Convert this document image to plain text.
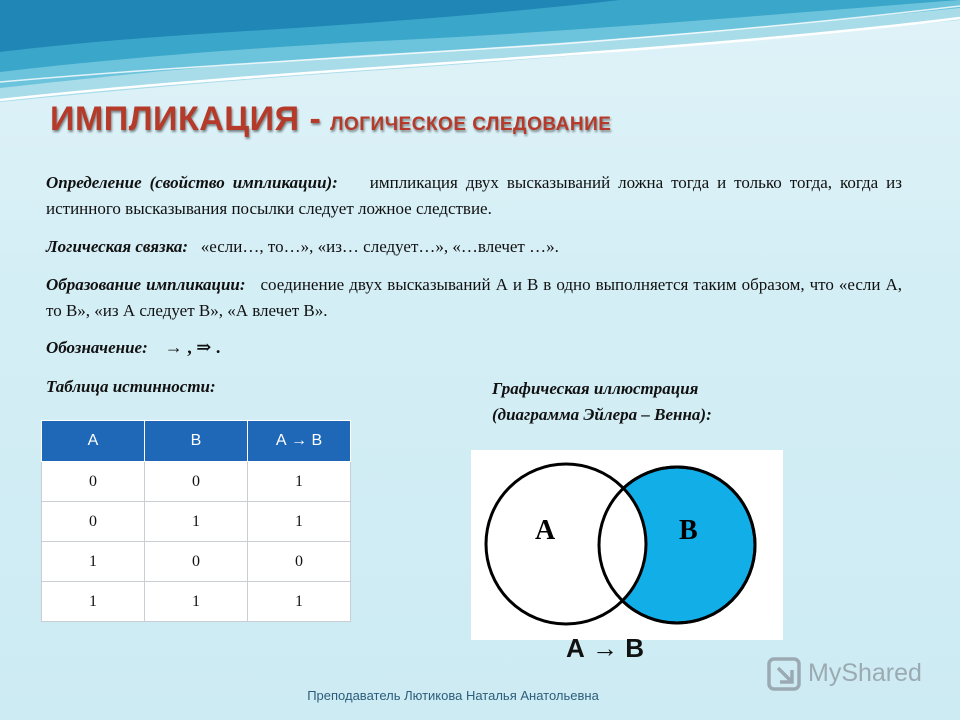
ИМПЛИКАЦИЯ - ЛОГИЧЕСКОЕ СЛЕДОВАНИЕ
Определение (свойство импликации): импликация двух высказываний ложна тогда и только тогда, когда из истинного высказывания посылки следует ложное следствие.
Логическая связка: «если…, то…», «из… следует…», «…влечет …».
Образование импликации: соединение двух высказываний А и В в одно выполняется таким образом, что «если А, то В», «из А следует В», «А влечет В».
Обозначение: → , ⇒ .
Таблица истинности:	Графическая иллюстрация
(диаграмма Эйлера – Венна):
А	В	А → В
0	0	1
0	1	1
1	0	0
1	1	1
А	В
А → В
Преподаватель Лютикова Наталья Анатольевна
MyShared
